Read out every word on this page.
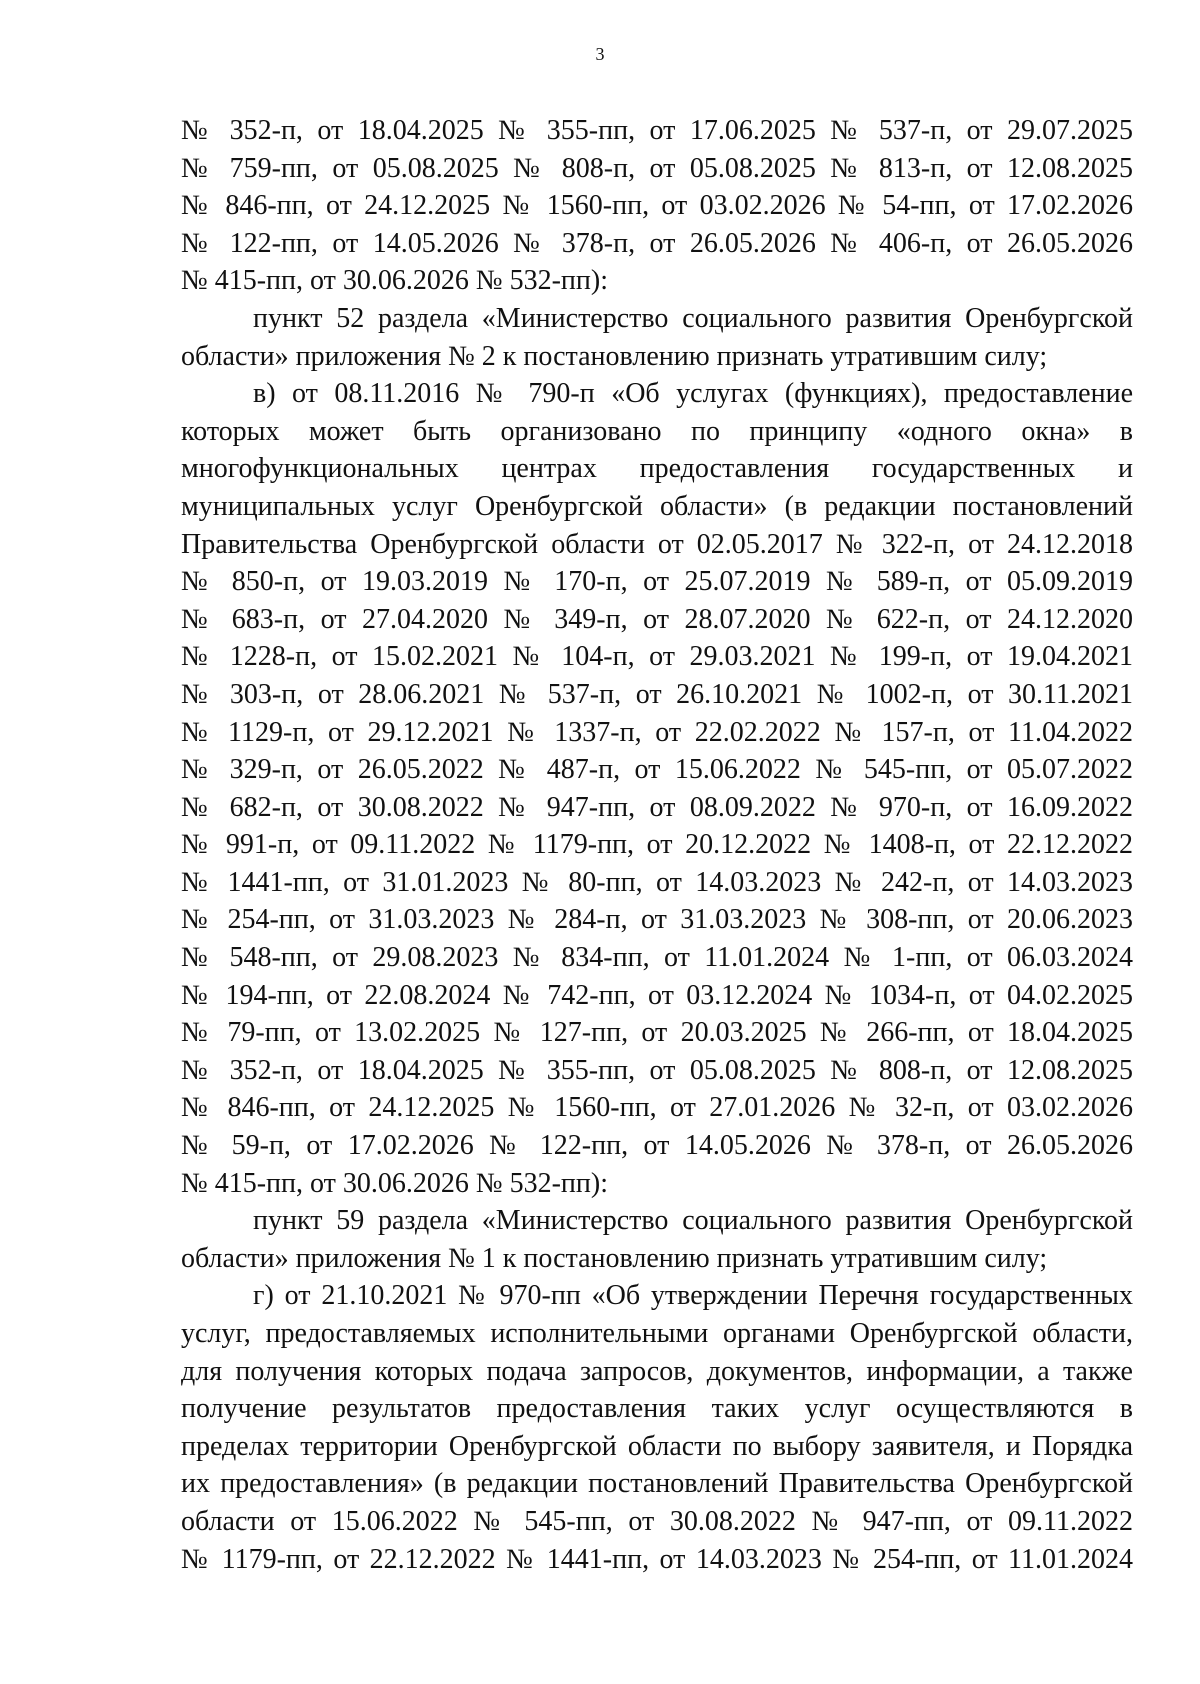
3
№ 352-п, от 18.04.2025 № 355-пп, от 17.06.2025 № 537-п, от 29.07.2025
№ 759-пп, от 05.08.2025 № 808-п, от 05.08.2025 № 813-п, от 12.08.2025
№ 846-пп, от 24.12.2025 № 1560-пп, от 03.02.2026 № 54-пп, от 17.02.2026
№ 122-пп, от 14.05.2026 № 378-п, от 26.05.2026 № 406-п, от 26.05.2026
№ 415-пп, от 30.06.2026 № 532-пп):
пункт 52 раздела «Министерство социального развития Оренбургской
области» приложения № 2 к постановлению признать утратившим силу;
в) от 08.11.2016 № 790-п «Об услугах (функциях), предоставление
которых может быть организовано по принципу «одного окна» в
многофункциональных центрах предоставления государственных и
муниципальных услуг Оренбургской области» (в редакции постановлений
Правительства Оренбургской области от 02.05.2017 № 322-п, от 24.12.2018
№ 850-п, от 19.03.2019 № 170-п, от 25.07.2019 № 589-п, от 05.09.2019
№ 683-п, от 27.04.2020 № 349-п, от 28.07.2020 № 622-п, от 24.12.2020
№ 1228-п, от 15.02.2021 № 104-п, от 29.03.2021 № 199-п, от 19.04.2021
№ 303-п, от 28.06.2021 № 537-п, от 26.10.2021 № 1002-п, от 30.11.2021
№ 1129-п, от 29.12.2021 № 1337-п, от 22.02.2022 № 157-п, от 11.04.2022
№ 329-п, от 26.05.2022 № 487-п, от 15.06.2022 № 545-пп, от 05.07.2022
№ 682-п, от 30.08.2022 № 947-пп, от 08.09.2022 № 970-п, от 16.09.2022
№ 991-п, от 09.11.2022 № 1179-пп, от 20.12.2022 № 1408-п, от 22.12.2022
№ 1441-пп, от 31.01.2023 № 80-пп, от 14.03.2023 № 242-п, от 14.03.2023
№ 254-пп, от 31.03.2023 № 284-п, от 31.03.2023 № 308-пп, от 20.06.2023
№ 548-пп, от 29.08.2023 № 834-пп, от 11.01.2024 № 1-пп, от 06.03.2024
№ 194-пп, от 22.08.2024 № 742-пп, от 03.12.2024 № 1034-п, от 04.02.2025
№ 79-пп, от 13.02.2025 № 127-пп, от 20.03.2025 № 266-пп, от 18.04.2025
№ 352-п, от 18.04.2025 № 355-пп, от 05.08.2025 № 808-п, от 12.08.2025
№ 846-пп, от 24.12.2025 № 1560-пп, от 27.01.2026 № 32-п, от 03.02.2026
№ 59-п, от 17.02.2026 № 122-пп, от 14.05.2026 № 378-п, от 26.05.2026
№ 415-пп, от 30.06.2026 № 532-пп):
пункт 59 раздела «Министерство социального развития Оренбургской
области» приложения № 1 к постановлению признать утратившим силу;
г) от 21.10.2021 № 970-пп «Об утверждении Перечня государственных
услуг, предоставляемых исполнительными органами Оренбургской области,
для получения которых подача запросов, документов, информации, а также
получение результатов предоставления таких услуг осуществляются в
пределах территории Оренбургской области по выбору заявителя, и Порядка
их предоставления» (в редакции постановлений Правительства Оренбургской
области от 15.06.2022 № 545-пп, от 30.08.2022 № 947-пп, от 09.11.2022
№ 1179-пп, от 22.12.2022 № 1441-пп, от 14.03.2023 № 254-пп, от 11.01.2024
